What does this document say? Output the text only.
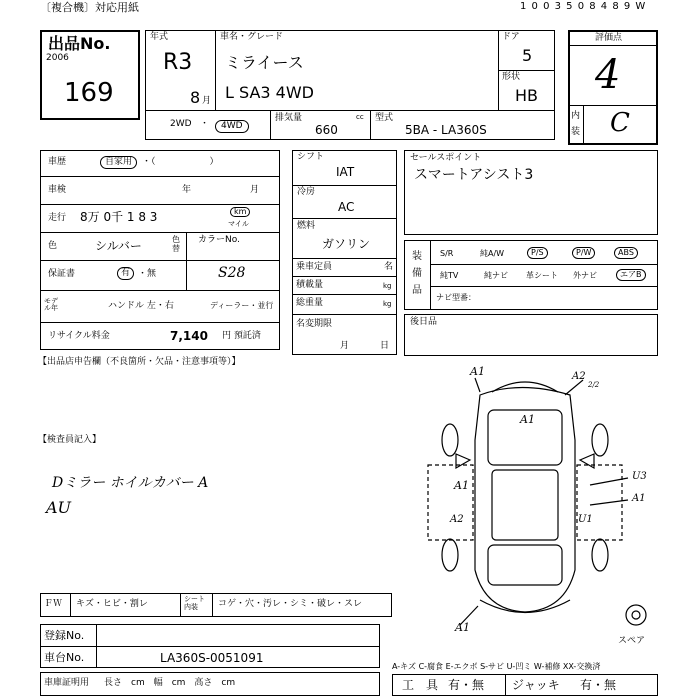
〔複合機〕対応用紙	1 0 0 3 5 0 8 4 8 9 W
出品No.
2006
169
年式
R3
8 月
車名・グレード
ミライース
L SA3 4WD
ドア
5
形状
HB
2WD ・	4WD
排気量	cc
660
型式
5BA - LA360S
評価点
4
内
装 C
車歴	自家用	・（　　　　　　）
車検	年	月
走行 8万 0千 1 8 3	km
マイル
色	シルバー	色替
カラーNo.
S28
保証書	有 ・無
モデル年	ハンドル 左・右	ディーラー・並行
リサイクル料金	7,140 円 預託済
シフト
IAT
冷房
AC
燃料
ガソリン
乗車定員	名
積載量	kg
総重量	kg
名変期限
月	日
セールスポイント
スマートアシスト3
装
備
品
S/R	純A/W	P/S	P/W	ABS
純TV	純ナビ 革シート 外ナビ	エアB
ナビ型番：
後日品
【出品店申告欄（不良箇所・欠品・注意事項等）】
【検査員記入】
Dミラー ホイルカバー A
AU
A1	A2
2/2
A1
A1
A2	U1
U3
A1
A1
スペア
ＦＷ キズ・ヒビ・割レ	シート内装	コゲ・穴・汚レ・シミ・破レ・スレ
登録No.
車台No.	LA360S-0051091
A-キズ C-腐食 E-エクボ S-サビ U-凹ミ W-補修 XX-交換済
車庫証明用 長さ　cm　幅　cm　高さ　cm	工　具 有・無 ジャッキ 有・無
